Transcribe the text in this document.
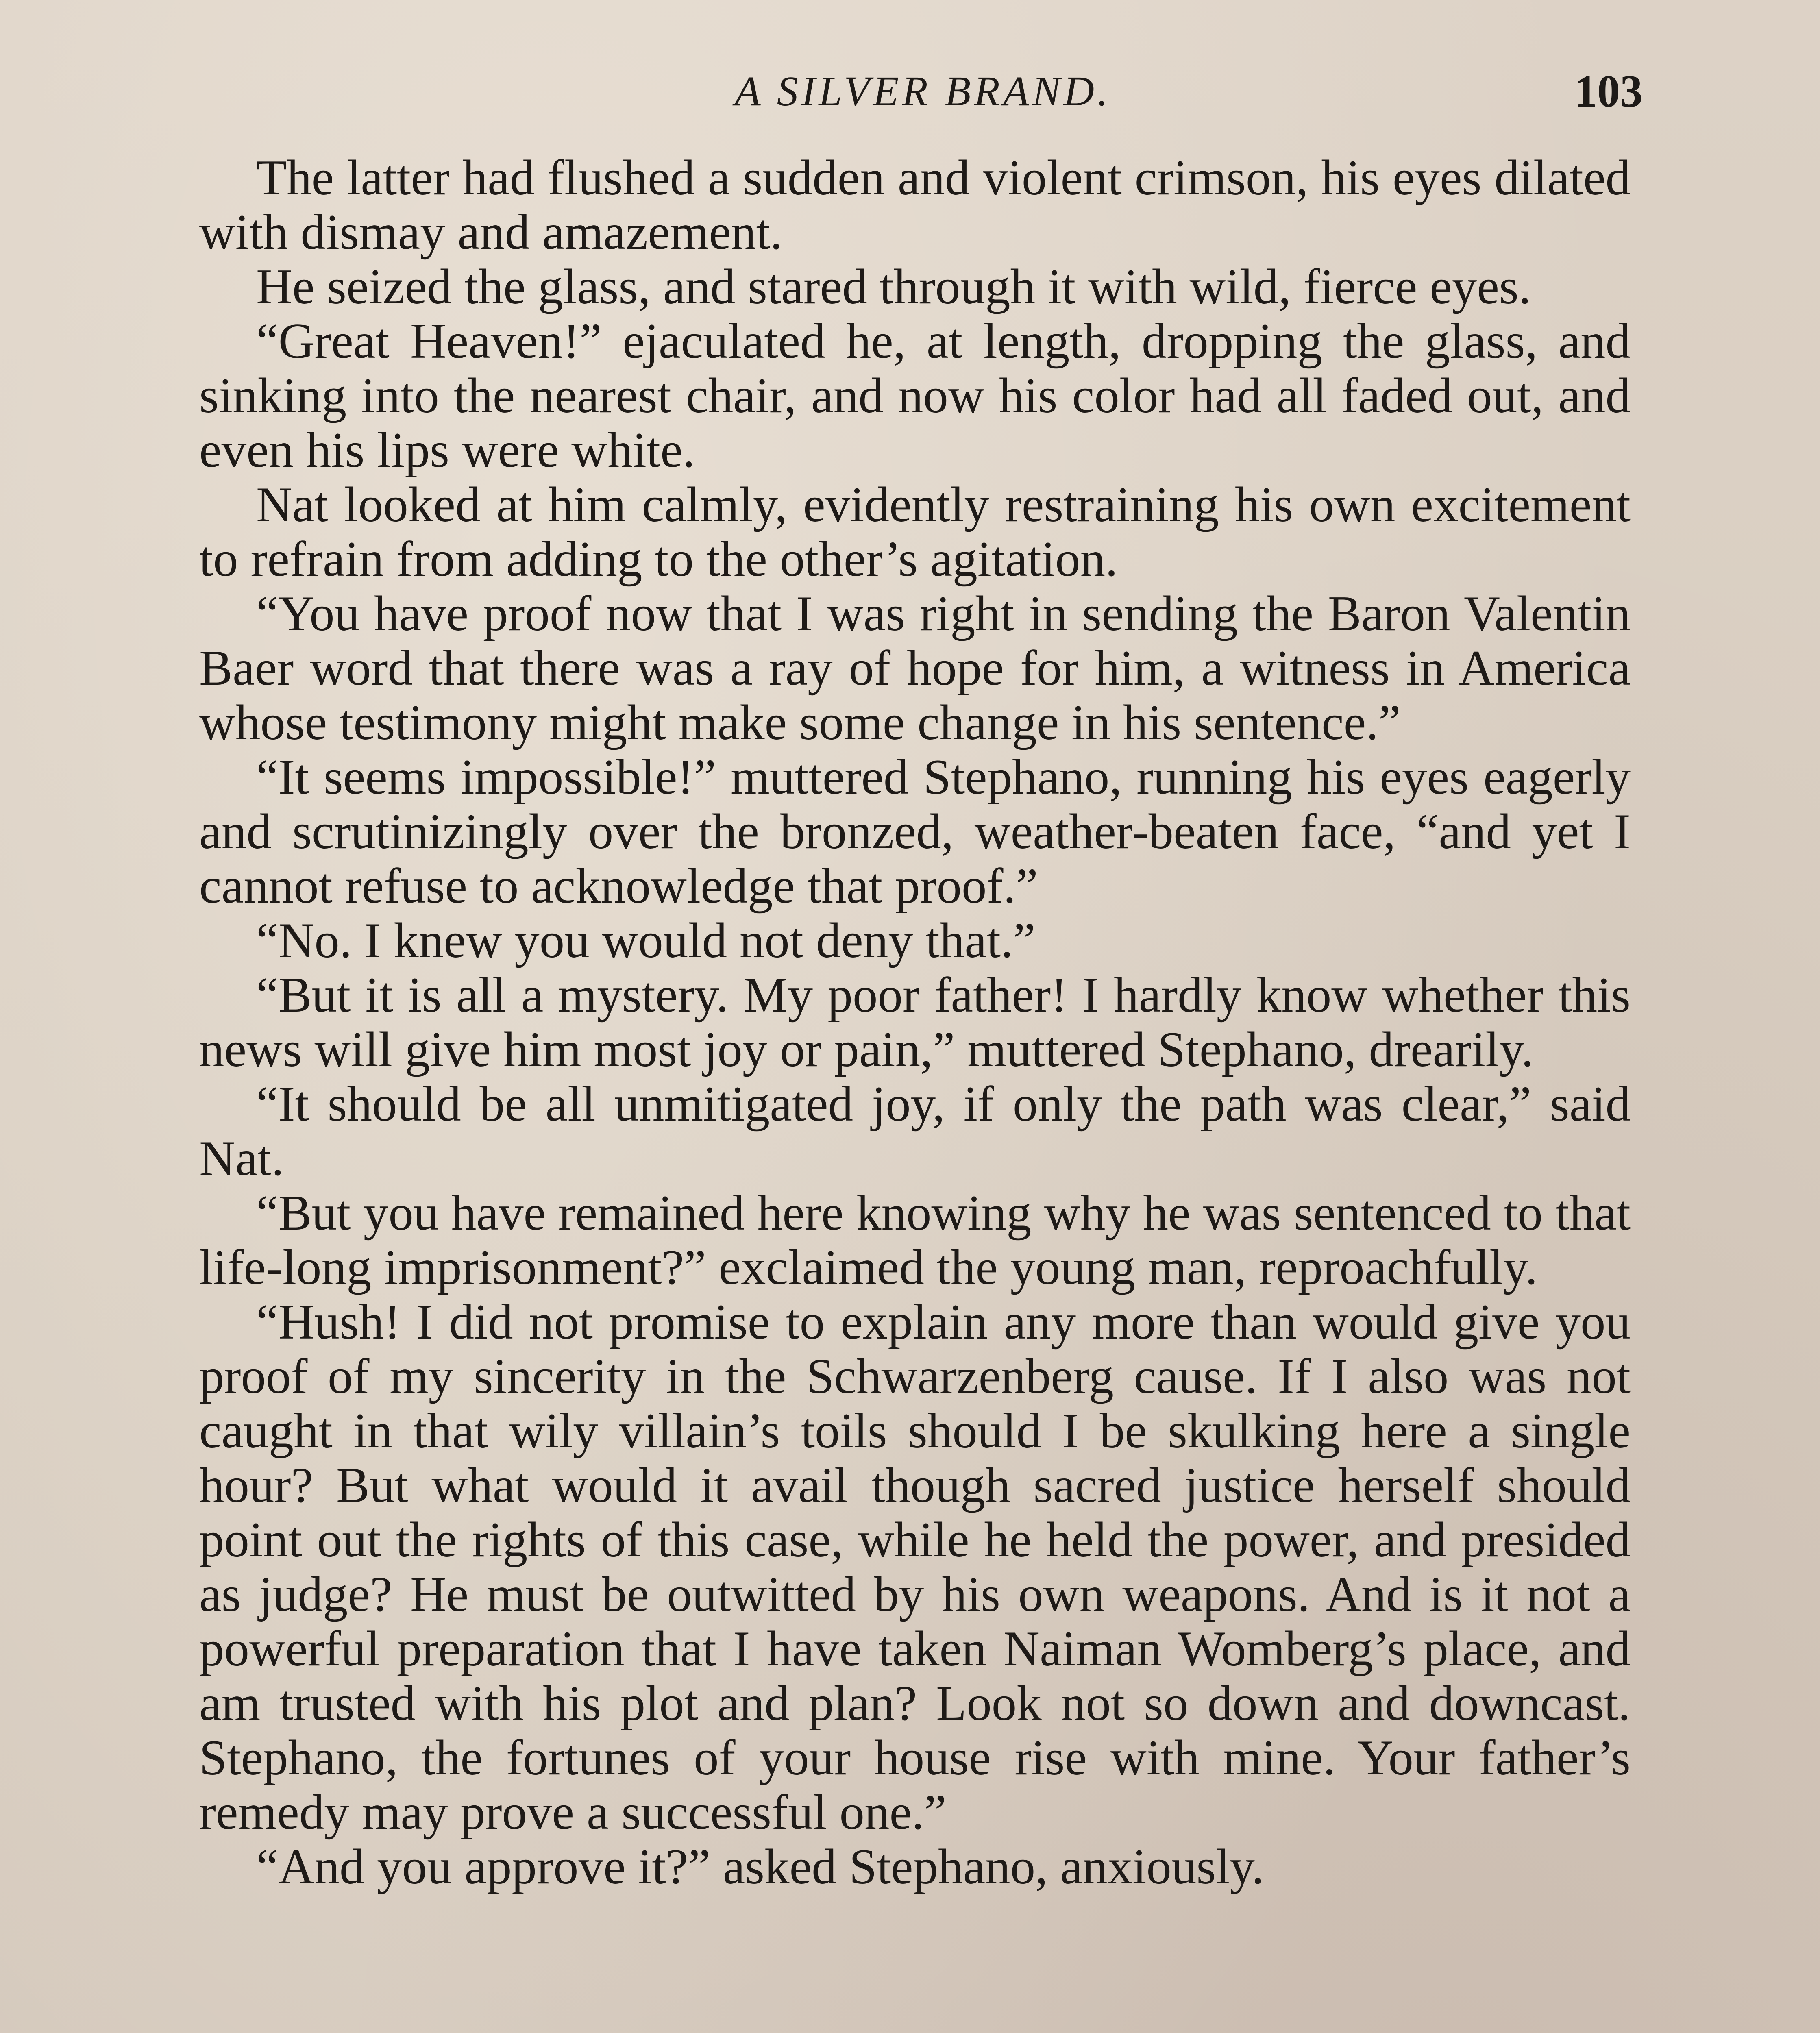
A SILVER BRAND.	103

The latter had flushed a sudden and violent crimson, his eyes dilated with dismay and amazement.

He seized the glass, and stared through it with wild, fierce eyes.

“Great Heaven!” ejaculated he, at length, dropping the glass, and sinking into the nearest chair, and now his color had all faded out, and even his lips were white.

Nat looked at him calmly, evidently restraining his own excitement to refrain from adding to the other’s agitation.

“You have proof now that I was right in sending the Baron Valentin Baer word that there was a ray of hope for him, a witness in America whose testimony might make some change in his sentence.”

“It seems impossible!” muttered Stephano, running his eyes eagerly and scrutinizingly over the bronzed, weather-beaten face, “and yet I cannot refuse to acknowledge that proof.”

“No. I knew you would not deny that.”

“But it is all a mystery. My poor father! I hardly know whether this news will give him most joy or pain,” muttered Stephano, drearily.

“It should be all unmitigated joy, if only the path was clear,” said Nat.

“But you have remained here knowing why he was sentenced to that life-long imprisonment?” exclaimed the young man, reproachfully.

“Hush! I did not promise to explain any more than would give you proof of my sincerity in the Schwarzenberg cause. If I also was not caught in that wily villain’s toils should I be skulking here a single hour? But what would it avail though sacred justice herself should point out the rights of this case, while he held the power, and presided as judge? He must be outwitted by his own weapons. And is it not a powerful preparation that I have taken Naiman Womberg’s place, and am trusted with his plot and plan? Look not so down and downcast. Stephano, the fortunes of your house rise with mine. Your father’s remedy may prove a successful one.”

“And you approve it?” asked Stephano, anxiously.
